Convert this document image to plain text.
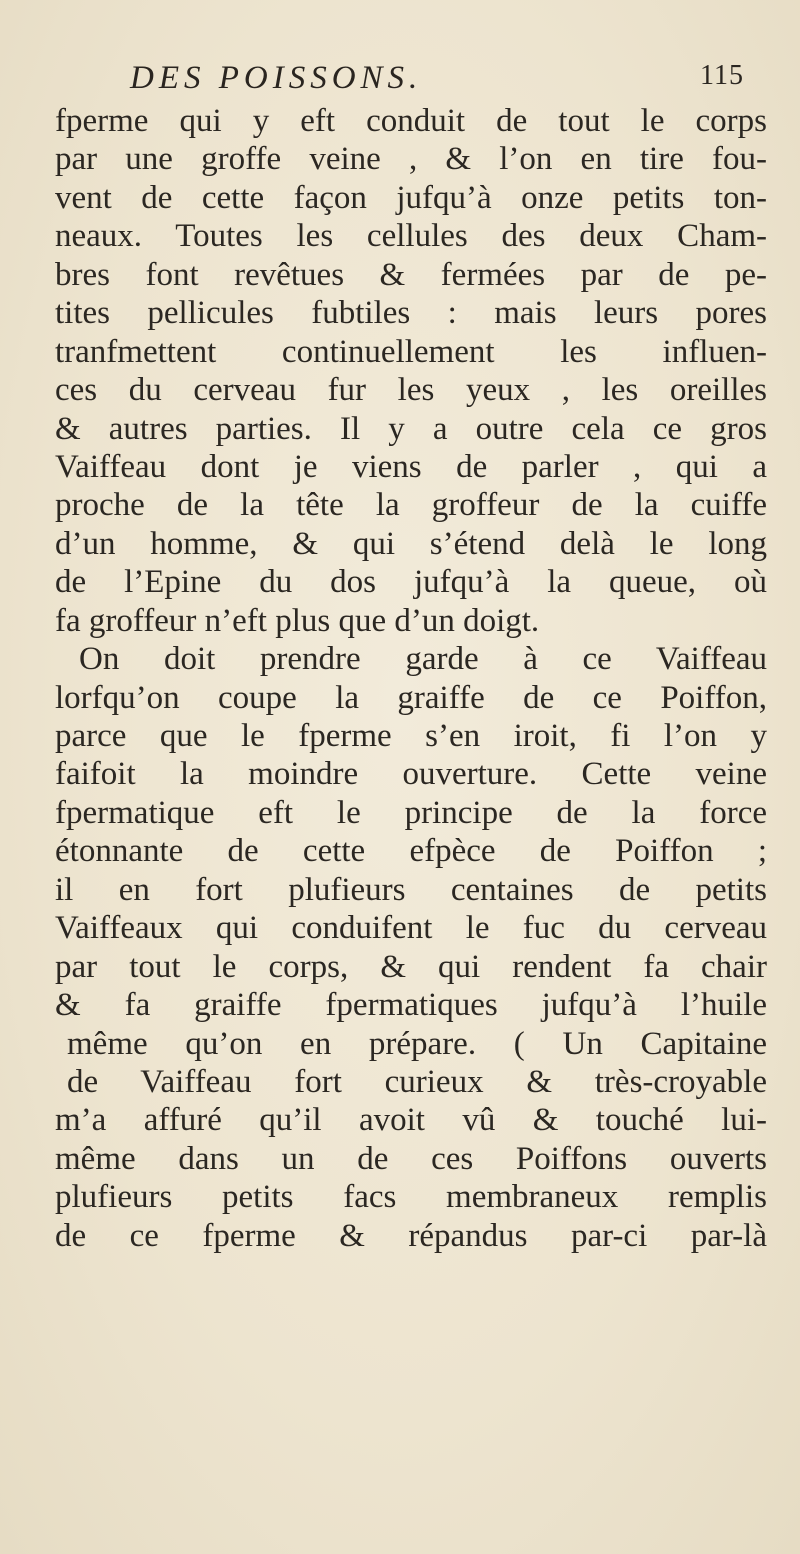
DES POISSONS.	115
fperme qui y eft conduit de tout le corps
par une groffe veine , & l’on en tire fou-
vent de cette façon jufqu’à onze petits ton-
neaux. Toutes les cellules des deux Cham-
bres font revêtues & fermées par de pe-
tites pellicules fubtiles : mais leurs pores
tranfmettent continuellement les influen-
ces du cerveau fur les yeux , les oreilles
& autres parties. Il y a outre cela ce gros
Vaiffeau dont je viens de parler , qui a
proche de la tête la groffeur de la cuiffe
d’un homme, & qui s’étend delà le long
de l’Epine du dos jufqu’à la queue, où
fa groffeur n’eft plus que d’un doigt.
On doit prendre garde à ce Vaiffeau
lorfqu’on coupe la graiffe de ce Poiffon,
parce que le fperme s’en iroit, fi l’on y
faifoit la moindre ouverture. Cette veine
fpermatique eft le principe de la force
étonnante de cette efpèce de Poiffon ;
il en fort plufieurs centaines de petits
Vaiffeaux qui conduifent le fuc du cerveau
par tout le corps, & qui rendent fa chair
& fa graiffe fpermatiques jufqu’à l’huile
même qu’on en prépare. ( Un Capitaine
de Vaiffeau fort curieux & très-croyable
m’a affuré qu’il avoit vû & touché lui-
même dans un de ces Poiffons ouverts
plufieurs petits facs membraneux remplis
de ce fperme & répandus par-ci par-là
